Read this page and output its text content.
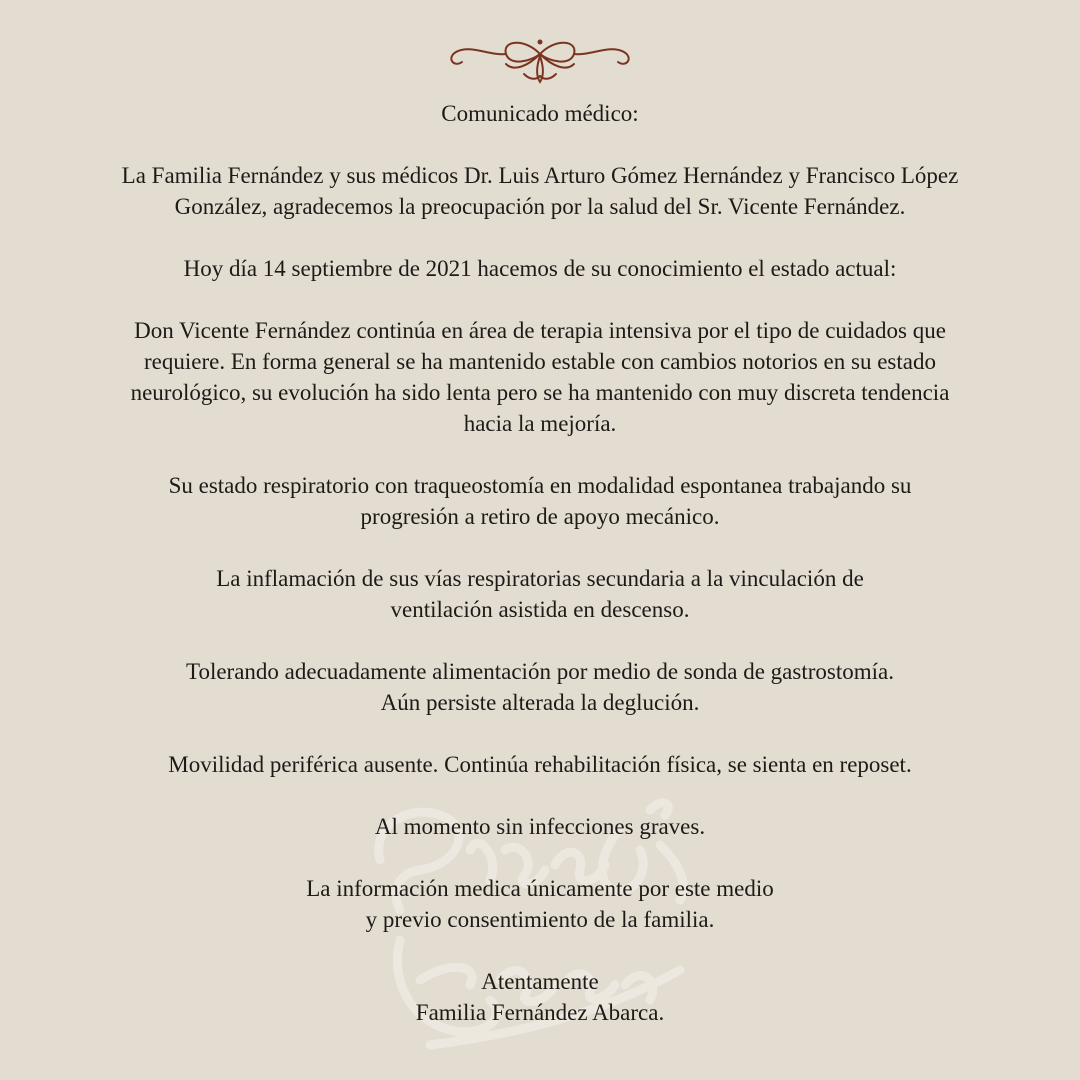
Comunicado médico:

La Familia Fernández y sus médicos Dr. Luis Arturo Gómez Hernández y Francisco López
González, agradecemos la preocupación por la salud del Sr. Vicente Fernández.

Hoy día 14 septiembre de 2021 hacemos de su conocimiento el estado actual:

Don Vicente Fernández continúa en área de terapia intensiva por el tipo de cuidados que
requiere. En forma general se ha mantenido estable con cambios notorios en su estado
neurológico, su evolución ha sido lenta pero se ha mantenido con muy discreta tendencia
hacia la mejoría.

Su estado respiratorio con traqueostomía en modalidad espontanea trabajando su
progresión a retiro de apoyo mecánico.

La inflamación de sus vías respiratorias secundaria a la vinculación de
ventilación asistida en descenso.

Tolerando adecuadamente alimentación por medio de sonda de gastrostomía.
Aún persiste alterada la deglución.

Movilidad periférica ausente. Continúa rehabilitación física, se sienta en reposet.

Al momento sin infecciones graves.

La información medica únicamente por este medio
y previo consentimiento de la familia.

Atentamente
Familia Fernández Abarca.
